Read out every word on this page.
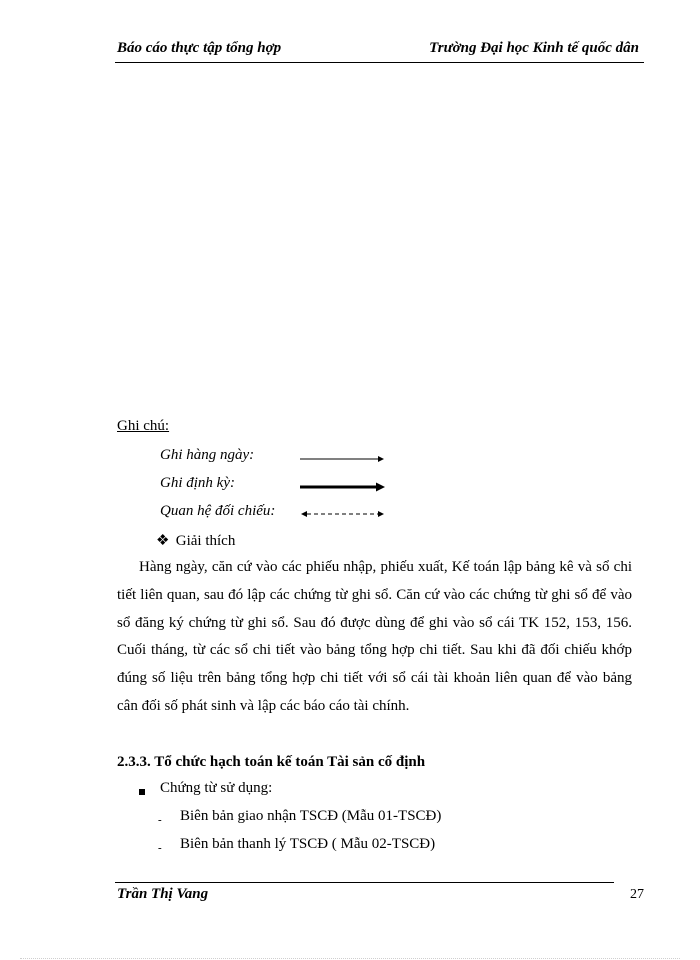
Báo cáo thực tập tổng hợp	Trường Đại học Kinh tế quốc dân
Ghi chú:
Ghi hàng ngày:
Ghi định kỳ:
Quan hệ đối chiếu:
❖ Giải thích

Hàng ngày, căn cứ vào các phiếu nhập, phiếu xuất, Kế toán lập bảng kê và sổ chi tiết liên quan, sau đó lập các chứng từ ghi sổ. Căn cứ vào các chứng từ ghi sổ để vào sổ đăng ký chứng từ ghi sổ. Sau đó được dùng để ghi vào sổ cái TK 152, 153, 156. Cuối tháng, từ các sổ chi tiết vào bảng tổng hợp chi tiết. Sau khi đã đối chiếu khớp đúng số liệu trên bảng tổng hợp chi tiết với sổ cái tài khoản liên quan để vào bảng cân đối số phát sinh và lập các báo cáo tài chính.

2.3.3. Tổ chức hạch toán kế toán Tài sản cố định
Chứng từ sử dụng:
- Biên bản giao nhận TSCĐ (Mẫu 01-TSCĐ)
- Biên bản thanh lý TSCĐ ( Mẫu 02-TSCĐ)
Trần Thị Vang	27
